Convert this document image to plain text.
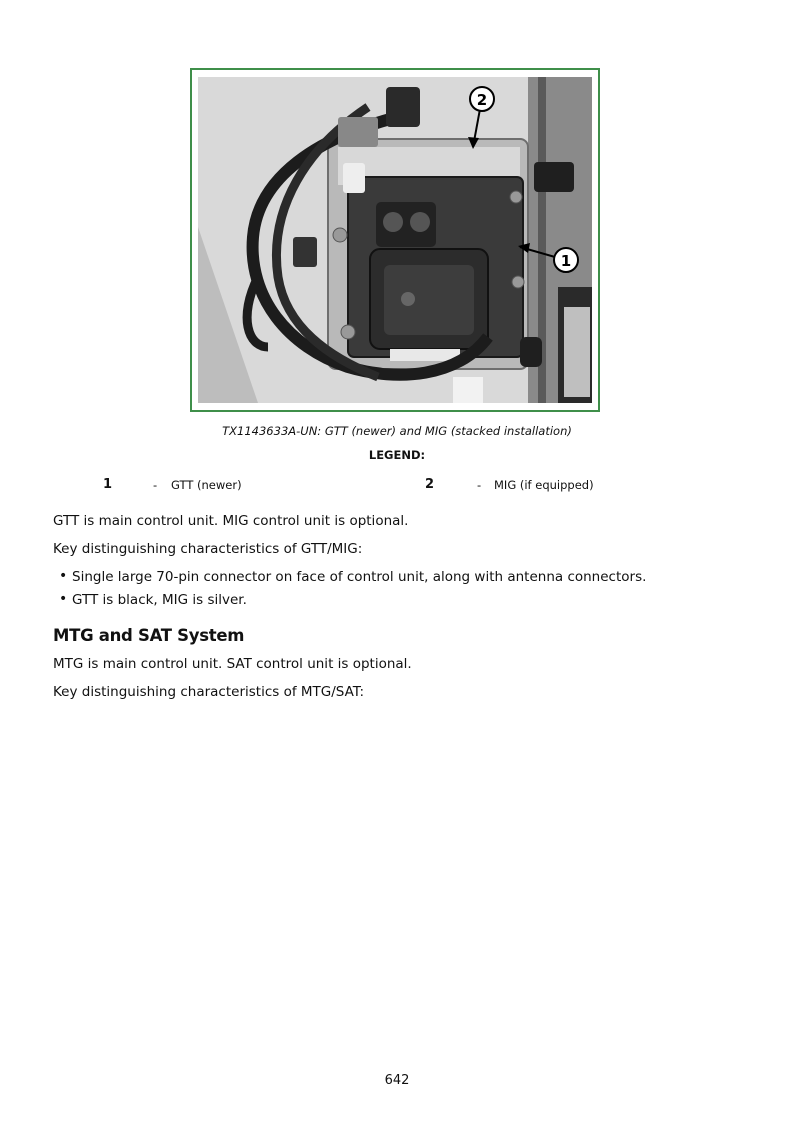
2
1
TX1143633A-UN: GTT (newer) and MIG (stacked installation)
LEGEND:
1	- GTT (newer)	2	- MIG (if equipped)
GTT is main control unit. MIG control unit is optional.
Key distinguishing characteristics of GTT/MIG:
• Single large 70-pin connector on face of control unit, along with antenna connectors.
• GTT is black, MIG is silver.
MTG and SAT System
MTG is main control unit. SAT control unit is optional.
Key distinguishing characteristics of MTG/SAT:
642
